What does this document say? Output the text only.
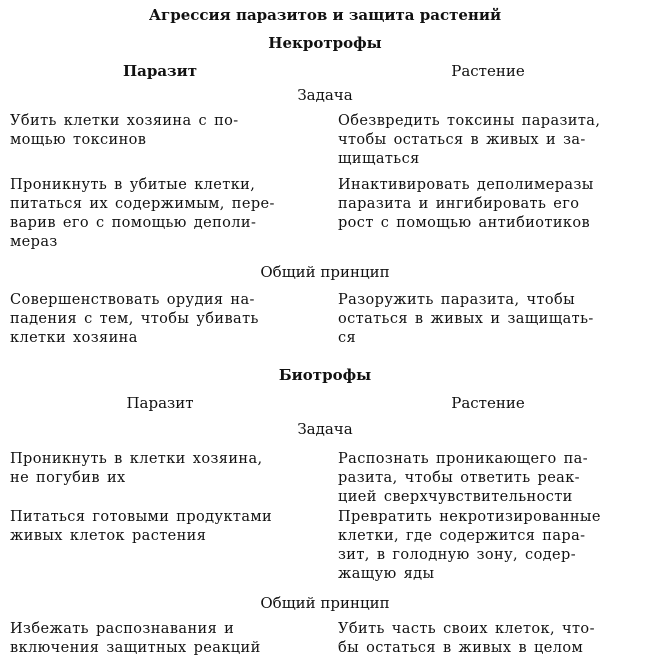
Агрессия паразитов и защита растений
Некротрофы
Паразит	Растение
Задача
Убить клетки хозяина с по-
мощью токсинов
Обезвредить токсины паразита,
чтобы остаться в живых и за-
щищаться
Проникнуть в убитые клетки,
питаться их содержимым, пере-
варив его с помощью деполи-
мераз
Инактивировать деполимеразы
паразита и ингибировать его
рост с помощью антибиотиков
Общий принцип
Совершенствовать орудия на-
падения с тем, чтобы убивать
клетки хозяина
Разоружить паразита, чтобы
остаться в живых и защищать-
ся
Биотрофы
Паразит	Растение
Задача
Проникнуть в клетки хозяина,
не погубив их
Распознать проникающего па-
разита, чтобы ответить реак-
цией сверхчувствительности
Питаться готовыми продуктами
живых клеток растения
Превратить некротизированные
клетки, где содержится пара-
зит, в голодную зону, содер-
жащую яды
Общий принцип
Избежать распознавания и
включения защитных реакций
Убить часть своих клеток, что-
бы остаться в живых в целом
